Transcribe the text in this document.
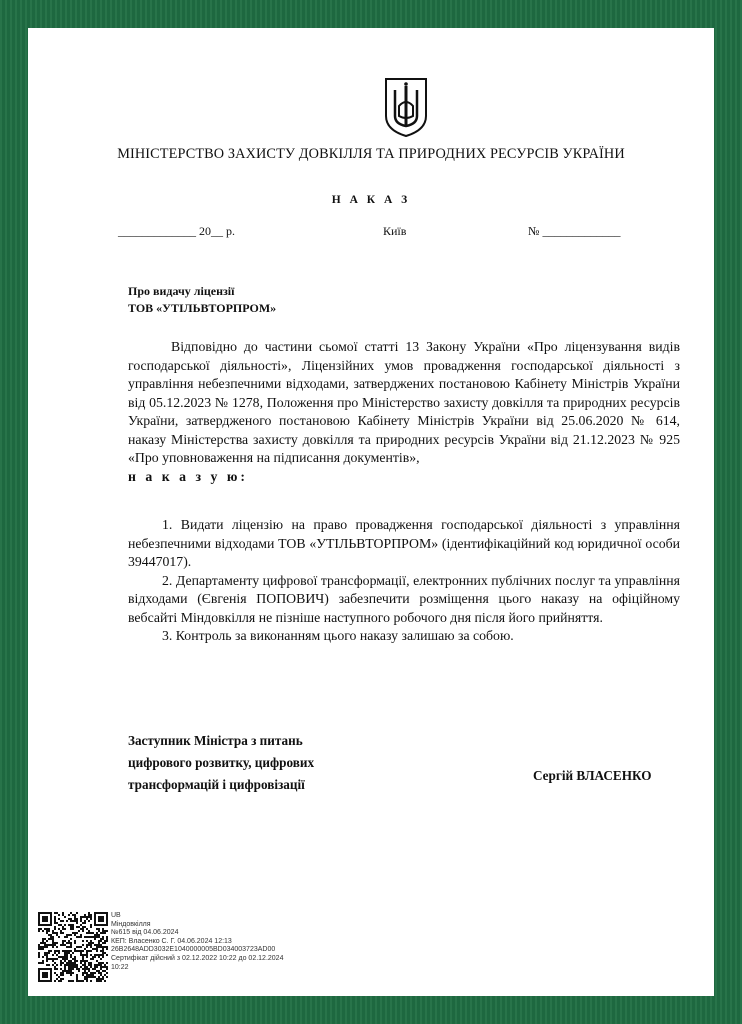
МІНІСТЕРСТВО ЗАХИСТУ ДОВКІЛЛЯ ТА ПРИРОДНИХ РЕСУРСІВ УКРАЇНИ
Н А К А З
_____________ 20__ р.	Київ	№ _____________
Про видачу ліцензії
ТОВ «УТІЛЬВТОРПРОМ»

Відповідно до частини сьомої статті 13 Закону України «Про ліцензування видів господарської діяльності», Ліцензійних умов провадження господарської діяльності з управління небезпечними відходами, затверджених постановою Кабінету Міністрів України від 05.12.2023 № 1278, Положення про Міністерство захисту довкілля та природних ресурсів України, затвердженого постановою Кабінету Міністрів України від 25.06.2020 № 614, наказу Міністерства захисту довкілля та природних ресурсів України від 21.12.2023 № 925 «Про уповноваження на підписання документів»,

н а к а з у ю:

1. Видати ліцензію на право провадження господарської діяльності з управління небезпечними відходами ТОВ «УТІЛЬВТОРПРОМ» (ідентифікаційний код юридичної особи 39447017).

2. Департаменту цифрової трансформації, електронних публічних послуг та управління відходами (Євгенія ПОПОВИЧ) забезпечити розміщення цього наказу на офіційному вебсайті Міндовкілля не пізніше наступного робочого дня після його прийняття.

3. Контроль за виконанням цього наказу залишаю за собою.

Заступник Міністра з питань
цифрового розвитку, цифрових
трансформацій і цифровізації
Сергій ВЛАСЕНКО
UB
Міндовкілля
№615 від 04.06.2024
КЕП: Власенко С. Г. 04.06.2024 12:13
26B2648ADD3032E1040000005BD034003723AD00
Сертифікат дійсний з 02.12.2022 10:22 до 02.12.2024
10:22
